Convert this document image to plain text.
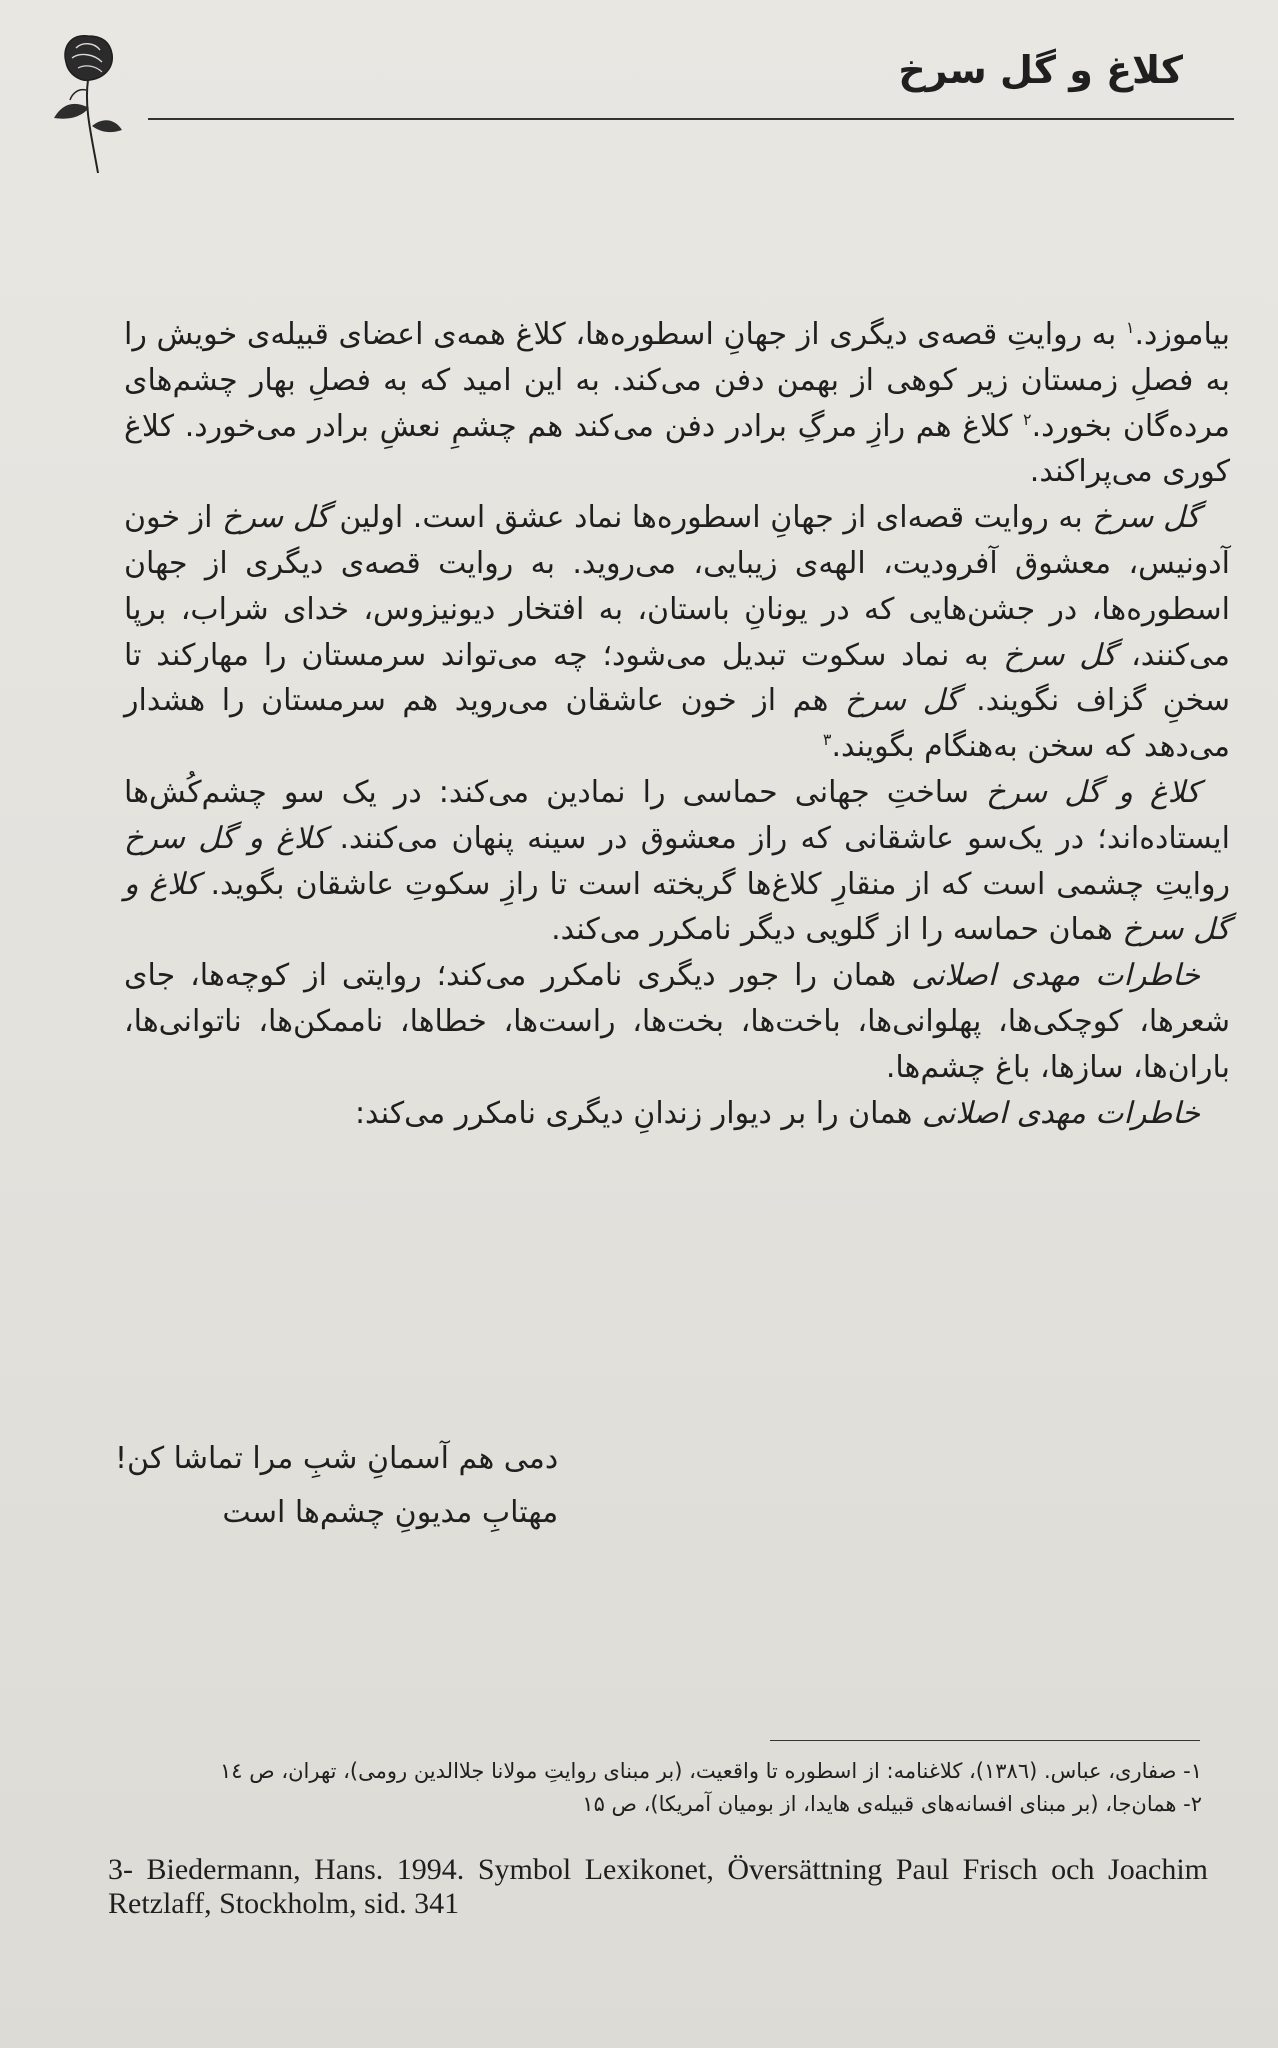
کلاغ و گل سرخ

بیاموزد.$^۱$ به روایتِ قصه‌ی دیگری از جهانِ اسطوره‌ها، کلاغ همه‌ی اعضای قبیله‌ی خویش را به فصلِ زمستان زیر کوهی از بهمن دفن می‌کند. به این امید که به فصلِ بهار چشم‌های مرده‌گان بخورد.$^۲$ کلاغ هم رازِ مرگِ برادر دفن می‌کند هم چشمِ نعشِ برادر می‌خورد. کلاغ کوری می‌پراکند.

گل سرخ به روایت قصه‌ای از جهانِ اسطوره‌ها نماد عشق است. اولین گل سرخ از خون آدونیس، معشوق آفرودیت، الهه‌ی زیبایی، می‌روید. به روایت قصه‌ی دیگری از جهان اسطوره‌ها، در جشن‌هایی که در یونانِ باستان، به افتخار دیونیزوس، خدای شراب، برپا می‌کنند، گل سرخ به نماد سکوت تبدیل می‌شود؛ چه می‌تواند سرمستان را مهارکند تا سخنِ گزاف نگویند. گل سرخ هم از خون عاشقان می‌روید هم سرمستان را هشدار می‌دهد که سخن به‌هنگام بگویند.$^۳$

کلاغ و گل سرخ ساختِ جهانی حماسی را نمادین می‌کند: در یک سو چشم‌کُش‌ها ایستاده‌اند؛ در یک‌سو عاشقانی که راز معشوق در سینه پنهان می‌کنند. کلاغ و گل سرخ روایتِ چشمی است که از منقارِ کلاغ‌ها گریخته است تا رازِ سکوتِ عاشقان بگوید. کلاغ و گل سرخ همان حماسه را از گلویی دیگر نامکرر می‌کند.

خاطرات مهدی اصلانی همان را جور دیگری نامکرر می‌کند؛ روایتی از کوچه‌ها، جای شعرها، کوچکی‌ها، پهلوانی‌ها، باخت‌ها، بخت‌ها، راست‌ها، خطاها، ناممکن‌ها، ناتوانی‌ها، باران‌ها، سازها، باغ چشم‌ها.

خاطرات مهدی اصلانی همان را بر دیوار زندانِ دیگری نامکرر می‌کند:

دمی هم آسمانِ شبِ مرا تماشا کن!
مهتابِ مدیونِ چشم‌ها است

۱- صفاری، عباس. (۱۳۸٦)، کلاغنامه: از اسطوره تا واقعیت، (بر مبنای روایتِ مولانا جلاالدین رومی)، تهران، ص ١٤

۲- همان‌جا، (بر مبنای افسانه‌های قبیله‌ی هایدا، از بومیان آمریکا)، ص ۱۵

3- Biedermann, Hans. 1994. Symbol Lexikonet, Översättning Paul Frisch och Joachim Retzlaff, Stockholm, sid. 341
